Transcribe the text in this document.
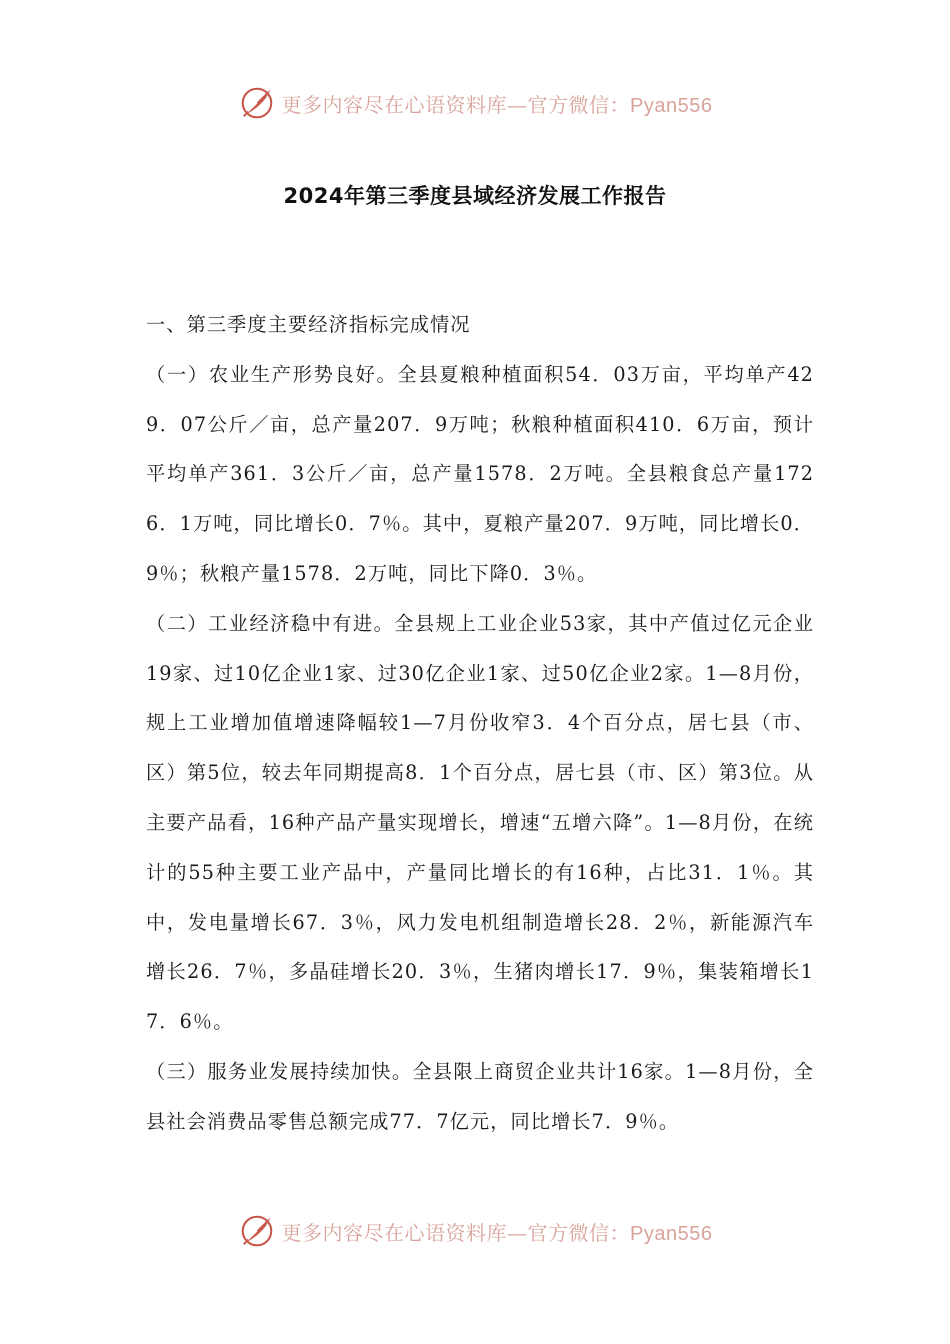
更多内容尽在心语资料库—官方微信：Pyan556
2024年第三季度县域经济发展工作报告

一、第三季度主要经济指标完成情况

（一）农业生产形势良好。全县夏粮种植面积54．03万亩，平均单产429．07公斤／亩，总产量207．9万吨；秋粮种植面积410．6万亩，预计平均单产361．3公斤／亩，总产量1578．2万吨。全县粮食总产量1726．1万吨，同比增长0．7％。其中，夏粮产量207．9万吨，同比增长0．9％；秋粮产量1578．2万吨，同比下降0．3％。

（二）工业经济稳中有进。全县规上工业企业53家，其中产值过亿元企业19家、过10亿企业1家、过30亿企业1家、过50亿企业2家。1—8月份，规上工业增加值增速降幅较1—7月份收窄3．4个百分点，居七县（市、区）第5位，较去年同期提高8．1个百分点，居七县（市、区）第3位。从主要产品看，16种产品产量实现增长，增速“五增六降”。1—8月份，在统计的55种主要工业产品中，产量同比增长的有16种，占比31．1％。其中，发电量增长67．3％，风力发电机组制造增长28．2％，新能源汽车增长26．7％，多晶硅增长20．3％，生猪肉增长17．9％，集装箱增长17．6％。

（三）服务业发展持续加快。全县限上商贸企业共计16家。1—8月份，全县社会消费品零售总额完成77．7亿元，同比增长7．9％。

更多内容尽在心语资料库—官方微信：Pyan556
